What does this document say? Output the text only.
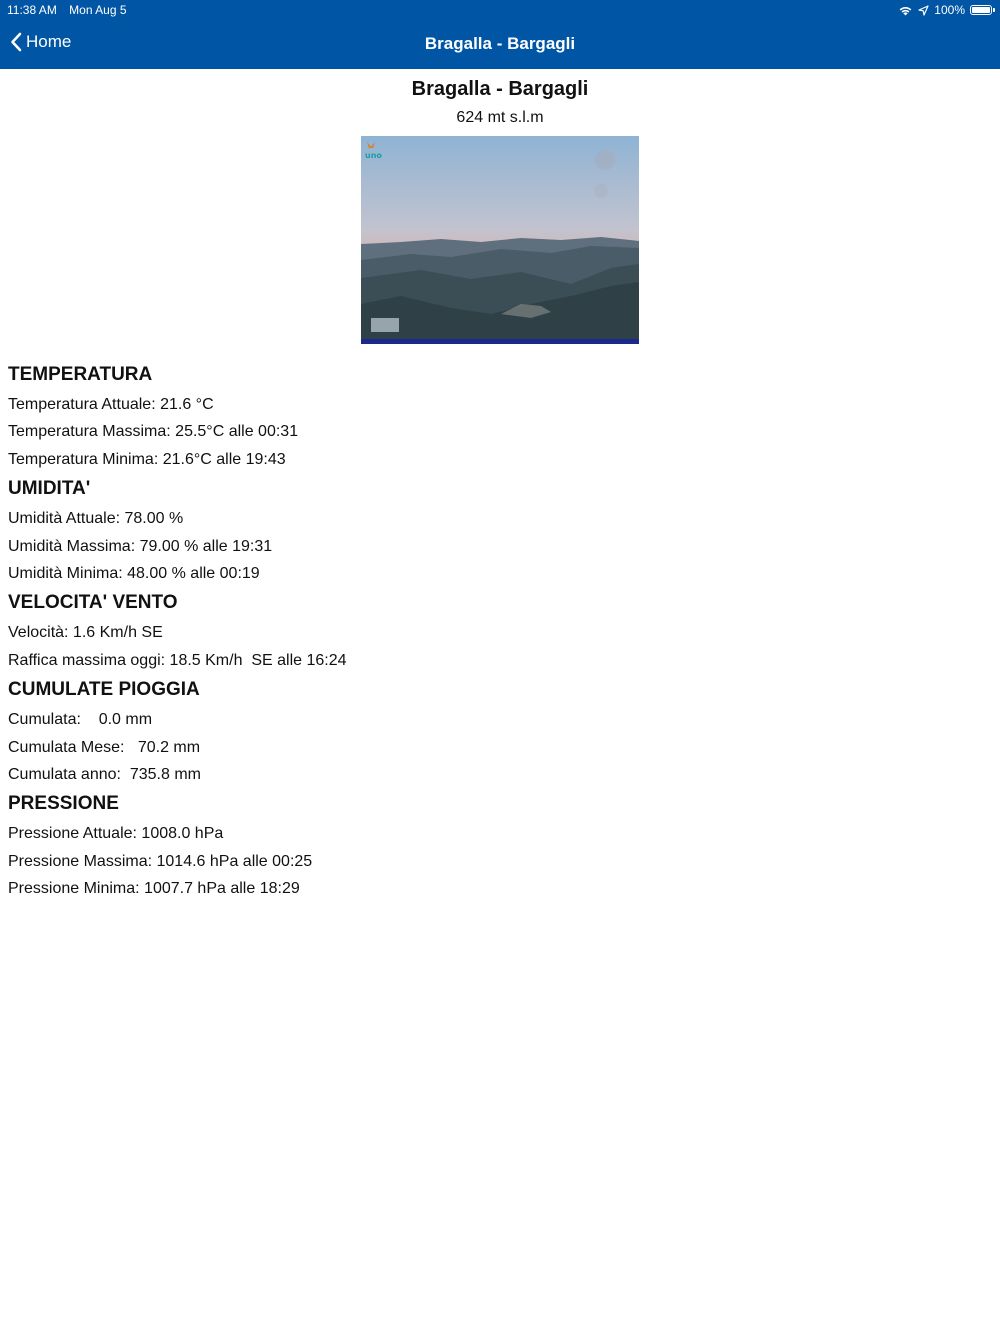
11:38 AM Mon Aug 5	100%
Home	Bragalla - Bargagli
Bragalla - Bargagli
624 mt s.l.m
uno
TEMPERATURA
Temperatura Attuale: 21.6 °C
Temperatura Massima: 25.5°C alle 00:31
Temperatura Minima: 21.6°C alle 19:43
UMIDITA'
Umidità Attuale: 78.00 %
Umidità Massima: 79.00 % alle 19:31
Umidità Minima: 48.00 % alle 00:19
VELOCITA' VENTO
Velocità: 1.6 Km/h SE
Raffica massima oggi: 18.5 Km/h  SE alle 16:24
CUMULATE PIOGGIA
Cumulata:    0.0 mm
Cumulata Mese:   70.2 mm
Cumulata anno:  735.8 mm
PRESSIONE
Pressione Attuale: 1008.0 hPa
Pressione Massima: 1014.6 hPa alle 00:25
Pressione Minima: 1007.7 hPa alle 18:29
